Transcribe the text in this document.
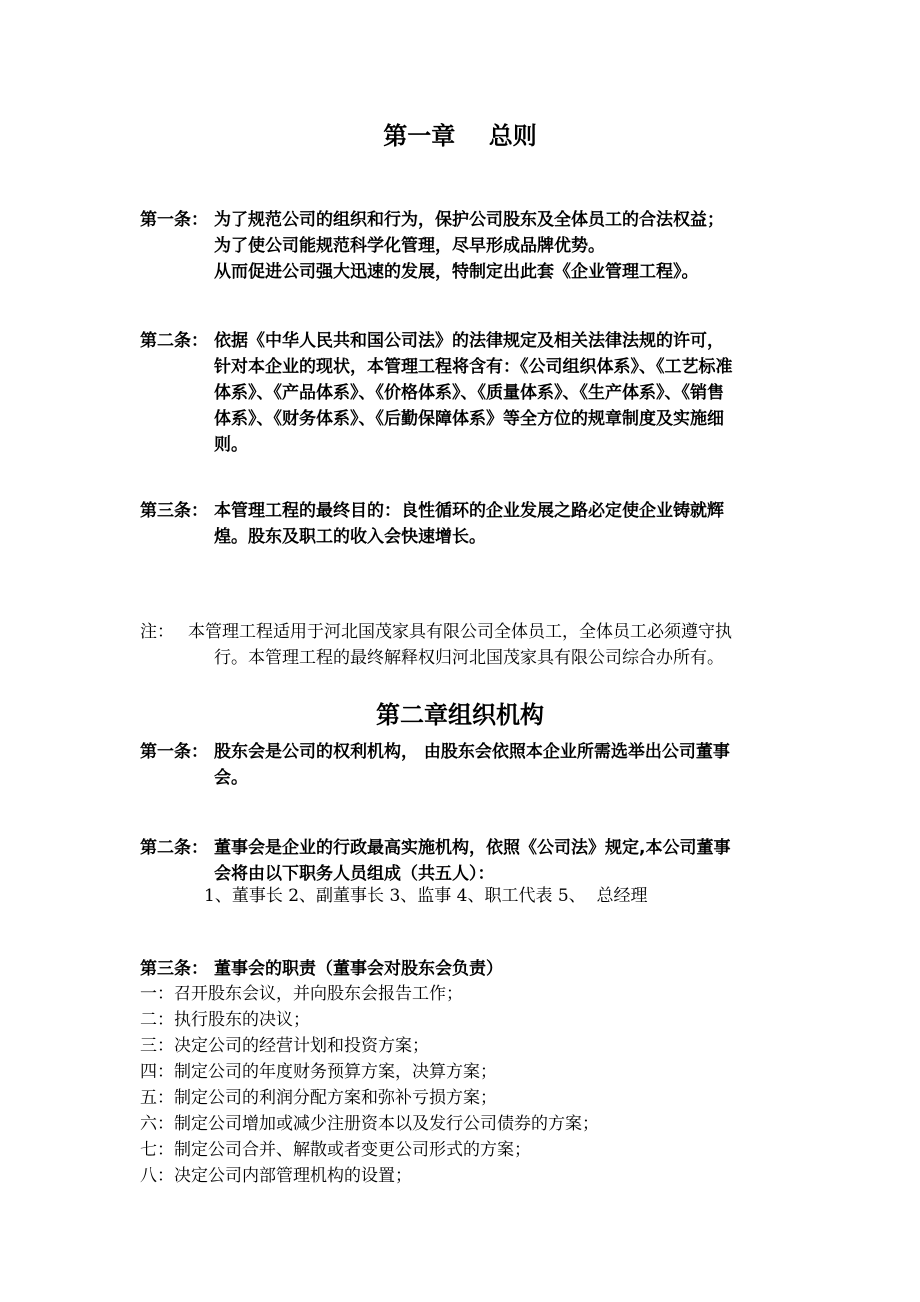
第一章    总则
第一条： 为了规范公司的组织和行为，保护公司股东及全体员工的合法权益；
为了使公司能规范科学化管理，尽早形成品牌优势。
从而促进公司强大迅速的发展，特制定出此套《企业管理工程》。
第二条： 依据《中华人民共和国公司法》的法律规定及相关法律法规的许可，
针对本企业的现状，本管理工程将含有：《公司组织体系》、《工艺标准
体系》、《产品体系》、《价格体系》、《质量体系》、《生产体系》、《销售
体系》、《财务体系》、《后勤保障体系》等全方位的规章制度及实施细
则。
第三条： 本管理工程的最终目的：良性循环的企业发展之路必定使企业铸就辉
煌。股东及职工的收入会快速增长。
注： 本管理工程适用于河北国茂家具有限公司全体员工，全体员工必须遵守执
行。本管理工程的最终解释权归河北国茂家具有限公司综合办所有。
第二章组织机构
第一条： 股东会是公司的权利机构， 由股东会依照本企业所需选举出公司董事
会。
第二条： 董事会是企业的行政最高实施机构，依照《公司法》规定,本公司董事
会将由以下职务人员组成（共五人）：
1、董事长 2、副董事长 3、监事 4、职工代表 5、  总经理
第三条： 董事会的职责（董事会对股东会负责）
一：召开股东会议，并向股东会报告工作；
二：执行股东的决议；
三：决定公司的经营计划和投资方案；
四：制定公司的年度财务预算方案，决算方案；
五：制定公司的利润分配方案和弥补亏损方案；
六：制定公司增加或减少注册资本以及发行公司债券的方案；
七：制定公司合并、解散或者变更公司形式的方案；
八：决定公司内部管理机构的设置；
